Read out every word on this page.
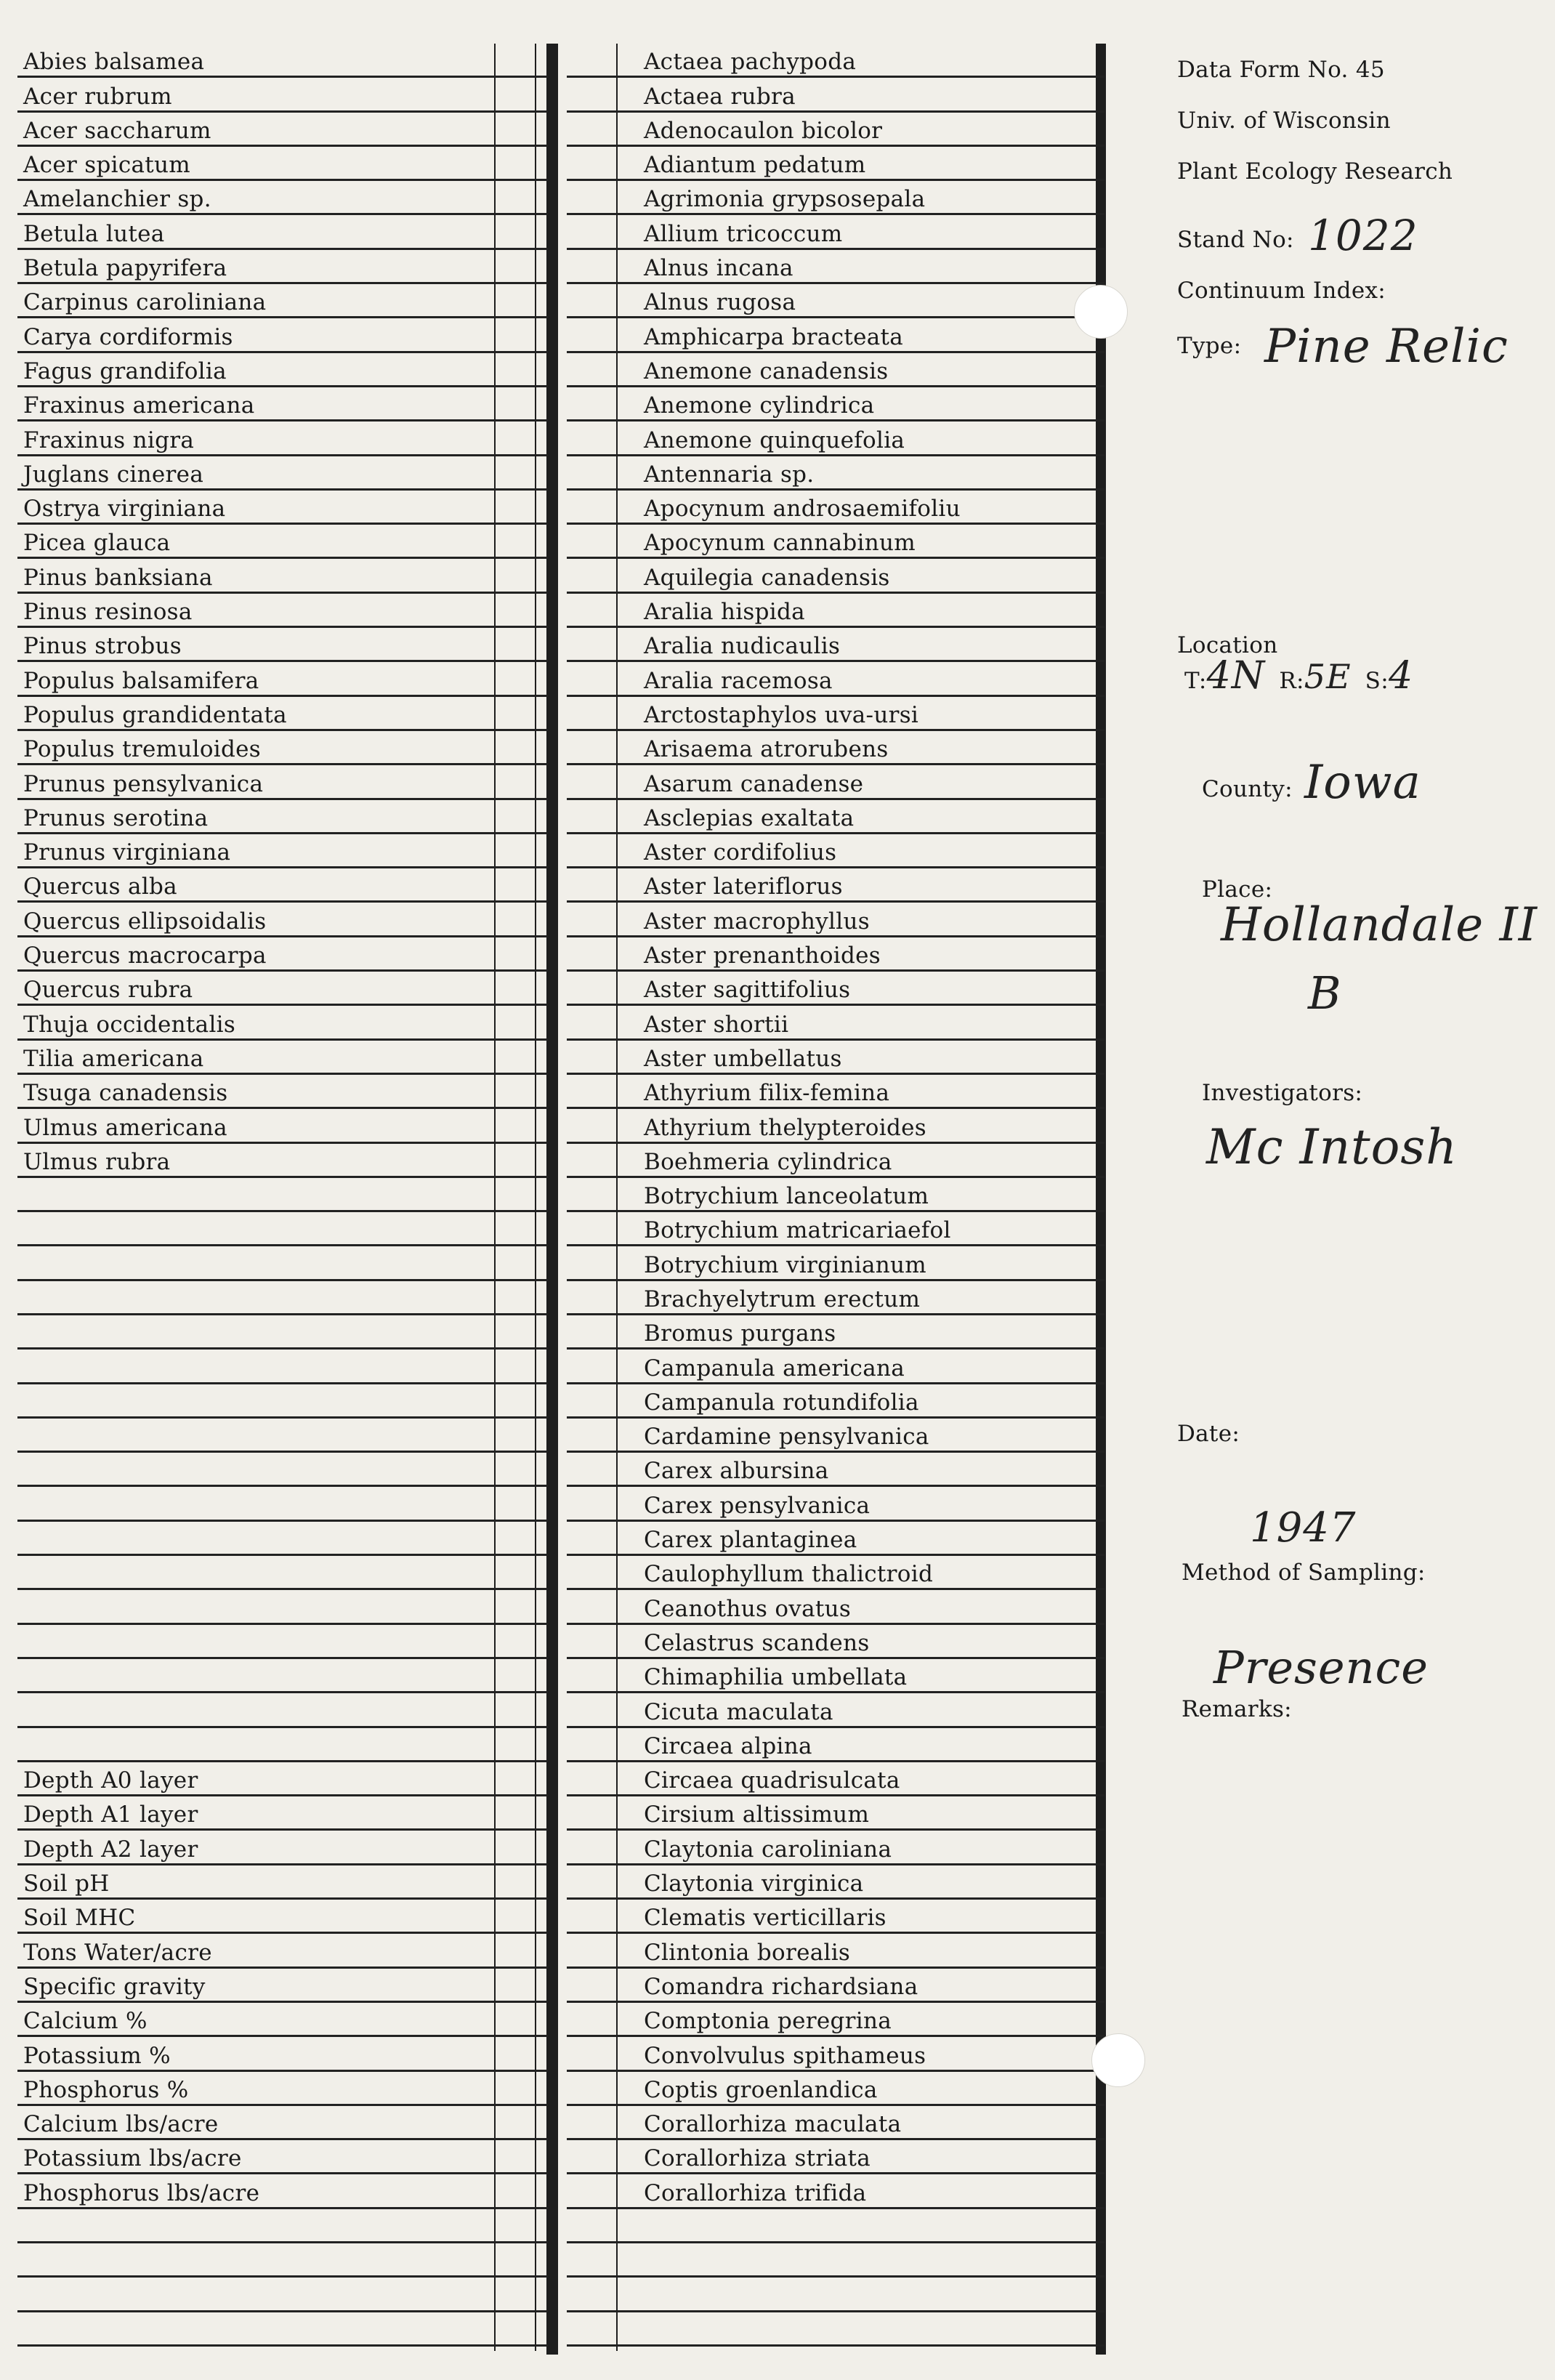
Abies balsamea
Acer rubrum
Acer saccharum
Acer spicatum
Amelanchier sp.
Betula lutea
Betula papyrifera
Carpinus caroliniana
Carya cordiformis
Fagus grandifolia
Fraxinus americana
Fraxinus nigra
Juglans cinerea
Ostrya virginiana
Picea glauca
Pinus banksiana
Pinus resinosa
Pinus strobus
Populus balsamifera
Populus grandidentata
Populus tremuloides
Prunus pensylvanica
Prunus serotina
Prunus virginiana
Quercus alba
Quercus ellipsoidalis
Quercus macrocarpa
Quercus rubra
Thuja occidentalis
Tilia americana
Tsuga canadensis
Ulmus americana
Ulmus rubra
Depth A0 layer
Depth A1 layer
Depth A2 layer
Soil pH
Soil MHC
Tons Water/acre
Specific gravity
Calcium %
Potassium %
Phosphorus %
Calcium lbs/acre
Potassium lbs/acre
Phosphorus lbs/acre
Actaea pachypoda
Actaea rubra
Adenocaulon bicolor
Adiantum pedatum
Agrimonia grypsosepala
Allium tricoccum
Alnus incana
Alnus rugosa
Amphicarpa bracteata
Anemone canadensis
Anemone cylindrica
Anemone quinquefolia
Antennaria sp.
Apocynum androsaemifoliu
Apocynum cannabinum
Aquilegia canadensis
Aralia hispida
Aralia nudicaulis
Aralia racemosa
Arctostaphylos uva-ursi
Arisaema atrorubens
Asarum canadense
Asclepias exaltata
Aster cordifolius
Aster lateriflorus
Aster macrophyllus
Aster prenanthoides
Aster sagittifolius
Aster shortii
Aster umbellatus
Athyrium filix-femina
Athyrium thelypteroides
Boehmeria cylindrica
Botrychium lanceolatum
Botrychium matricariaefol
Botrychium virginianum
Brachyelytrum erectum
Bromus purgans
Campanula americana
Campanula rotundifolia
Cardamine pensylvanica
Carex albursina
Carex pensylvanica
Carex plantaginea
Caulophyllum thalictroid
Ceanothus ovatus
Celastrus scandens
Chimaphilia umbellata
Cicuta maculata
Circaea alpina
Circaea quadrisulcata
Cirsium altissimum
Claytonia caroliniana
Claytonia virginica
Clematis verticillaris
Clintonia borealis
Comandra richardsiana
Comptonia peregrina
Convolvulus spithameus
Coptis groenlandica
Corallorhiza maculata
Corallorhiza striata
Corallorhiza trifida
Data Form No. 45
Univ. of Wisconsin
Plant Ecology Research
Stand No: 1022
Continuum Index:
Type: Pine Relic
Location
T:4N R:5E S:4
County: Iowa
Place:
Hollandale II
B
Investigators:
Mc Intosh
Date:
1947
Method of Sampling:
Presence
Remarks:
